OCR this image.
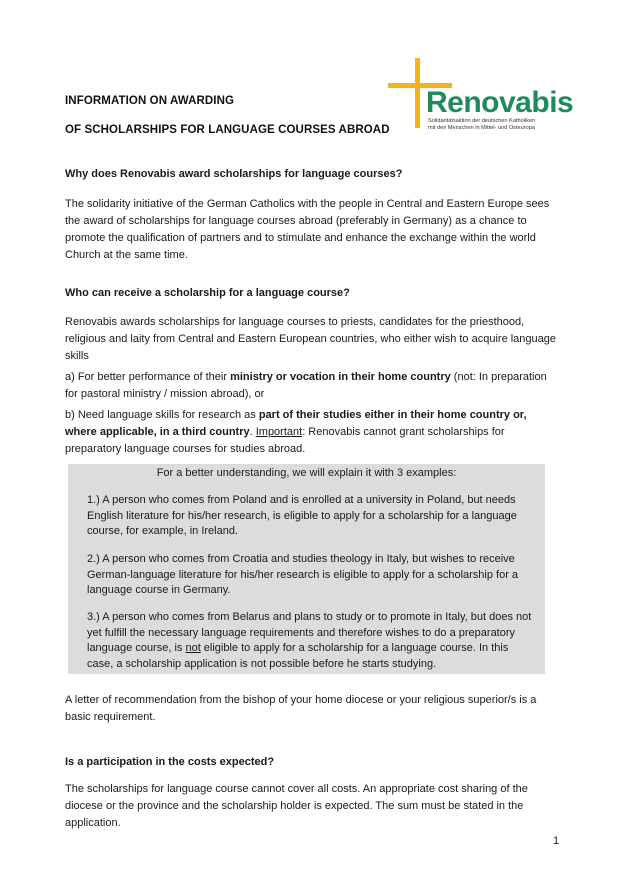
INFORMATION ON AWARDING
OF SCHOLARSHIPS FOR LANGUAGE COURSES ABROAD
Renovabis
Solidaritätsaktion der deutschen Katholiken
mit den Menschen in Mittel- und Osteuropa
Why does Renovabis award scholarships for language courses?

The solidarity initiative of the German Catholics with the people in Central and Eastern Europe sees the award of scholarships for language courses abroad (preferably in Germany) as a chance to promote the qualification of partners and to stimulate and enhance the exchange within the world Church at the same time.

Who can receive a scholarship for a language course?

Renovabis awards scholarships for language courses to priests, candidates for the priesthood, religious and laity from Central and Eastern European countries, who either wish to acquire language skills

a) For better performance of their ministry or vocation in their home country (not: In preparation for pastoral ministry / mission abroad), or

b) Need language skills for research as part of their studies either in their home country or, where applicable, in a third country. Important: Renovabis cannot grant scholarships for preparatory language courses for studies abroad.

For a better understanding, we will explain it with 3 examples:

1.) A person who comes from Poland and is enrolled at a university in Poland, but needs English literature for his/her research, is eligible to apply for a scholarship for a language course, for example, in Ireland.

2.) A person who comes from Croatia and studies theology in Italy, but wishes to receive German-language literature for his/her research is eligible to apply for a scholarship for a language course in Germany.

3.) A person who comes from Belarus and plans to study or to promote in Italy, but does not yet fulfill the necessary language requirements and therefore wishes to do a preparatory language course, is not eligible to apply for a scholarship for a language course. In this case, a scholarship application is not possible before he starts studying.

A letter of recommendation from the bishop of your home diocese or your religious superior/s is a basic requirement.

Is a participation in the costs expected?

The scholarships for language course cannot cover all costs. An appropriate cost sharing of the diocese or the province and the scholarship holder is expected. The sum must be stated in the application.

1
